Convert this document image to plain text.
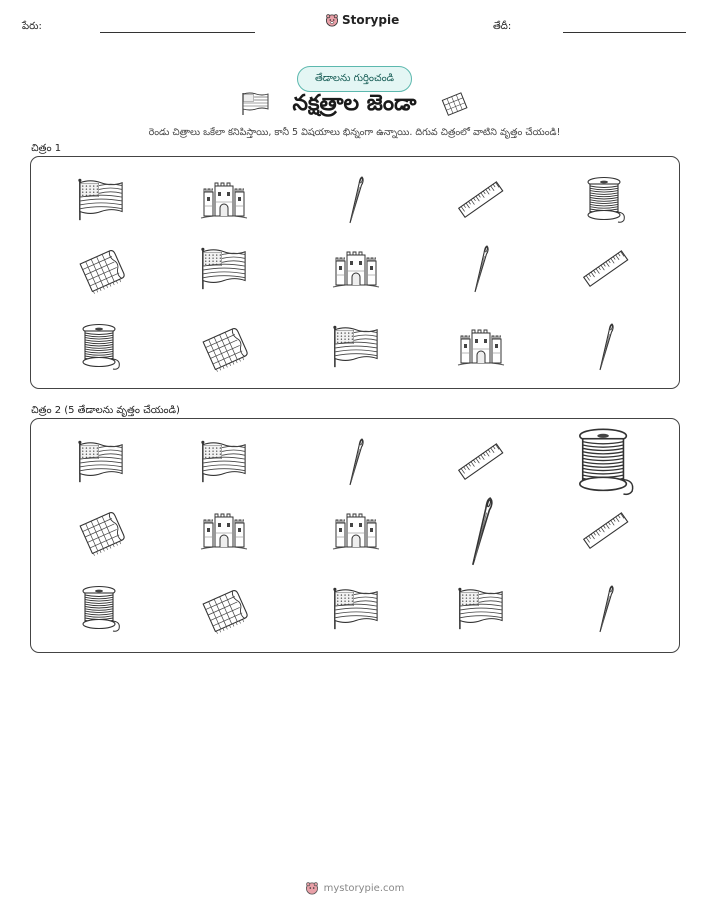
పేరు:	Storypie	తేదీ:
తేడాలను గుర్తించండి
నక్షత్రాల జెండా
రెండు చిత్రాలు ఒకేలా కనిపిస్తాయి, కానీ 5 విషయాలు భిన్నంగా ఉన్నాయి. దిగువ చిత్రంలో వాటిని వృత్తం చేయండి!
చిత్రం 1
చిత్రం 2 (5 తేడాలను వృత్తం చేయండి)
mystorypie.com
